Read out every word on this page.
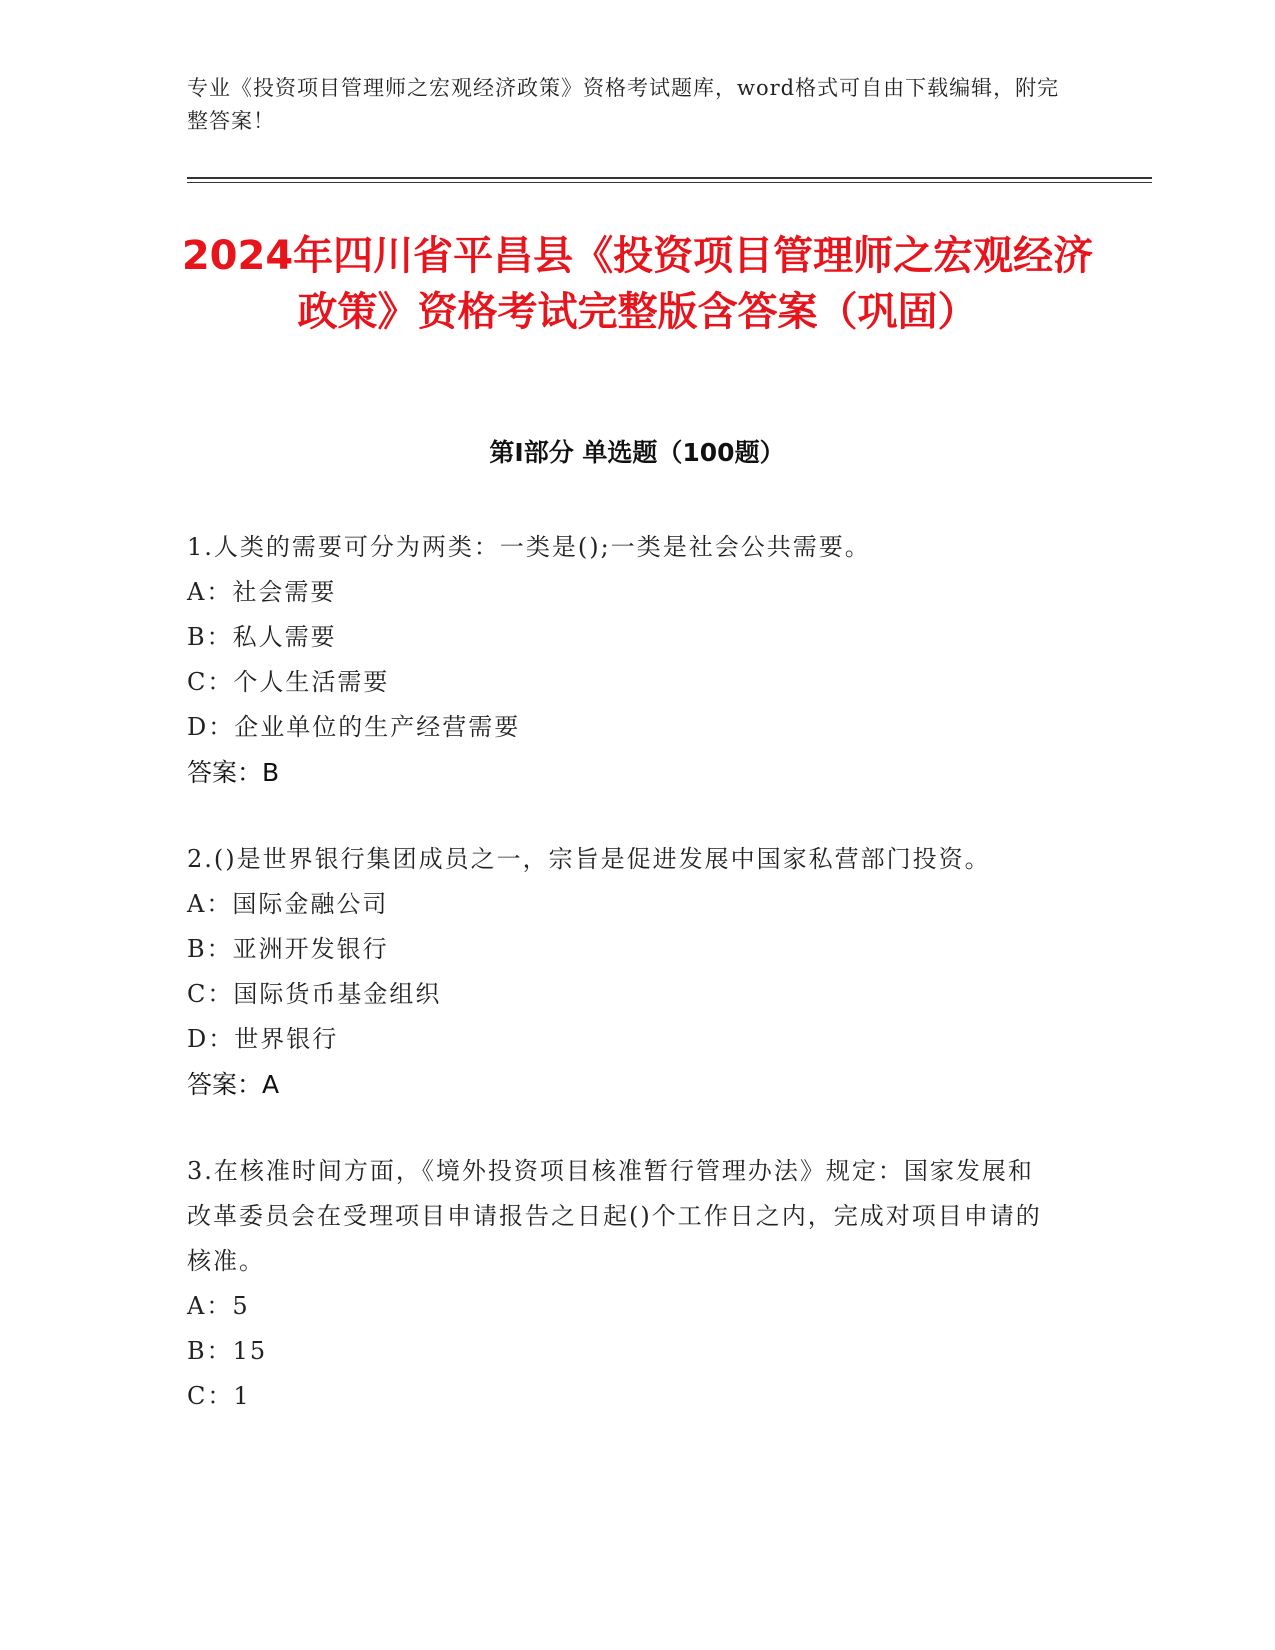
专业《投资项目管理师之宏观经济政策》资格考试题库，word格式可自由下载编辑，附完整答案！
2024年四川省平昌县《投资项目管理师之宏观经济政策》资格考试完整版含答案（巩固）
第Ⅰ部分 单选题（100题）

1.人类的需要可分为两类：一类是();一类是社会公共需要。

A：社会需要

B：私人需要

C：个人生活需要

D：企业单位的生产经营需要

答案：B

2.()是世界银行集团成员之一，宗旨是促进发展中国家私营部门投资。

A：国际金融公司

B：亚洲开发银行

C：国际货币基金组织

D：世界银行

答案：A

3.在核准时间方面，《境外投资项目核准暂行管理办法》规定：国家发展和改革委员会在受理项目申请报告之日起()个工作日之内，完成对项目申请的核准。

A：5

B：15

C：1
